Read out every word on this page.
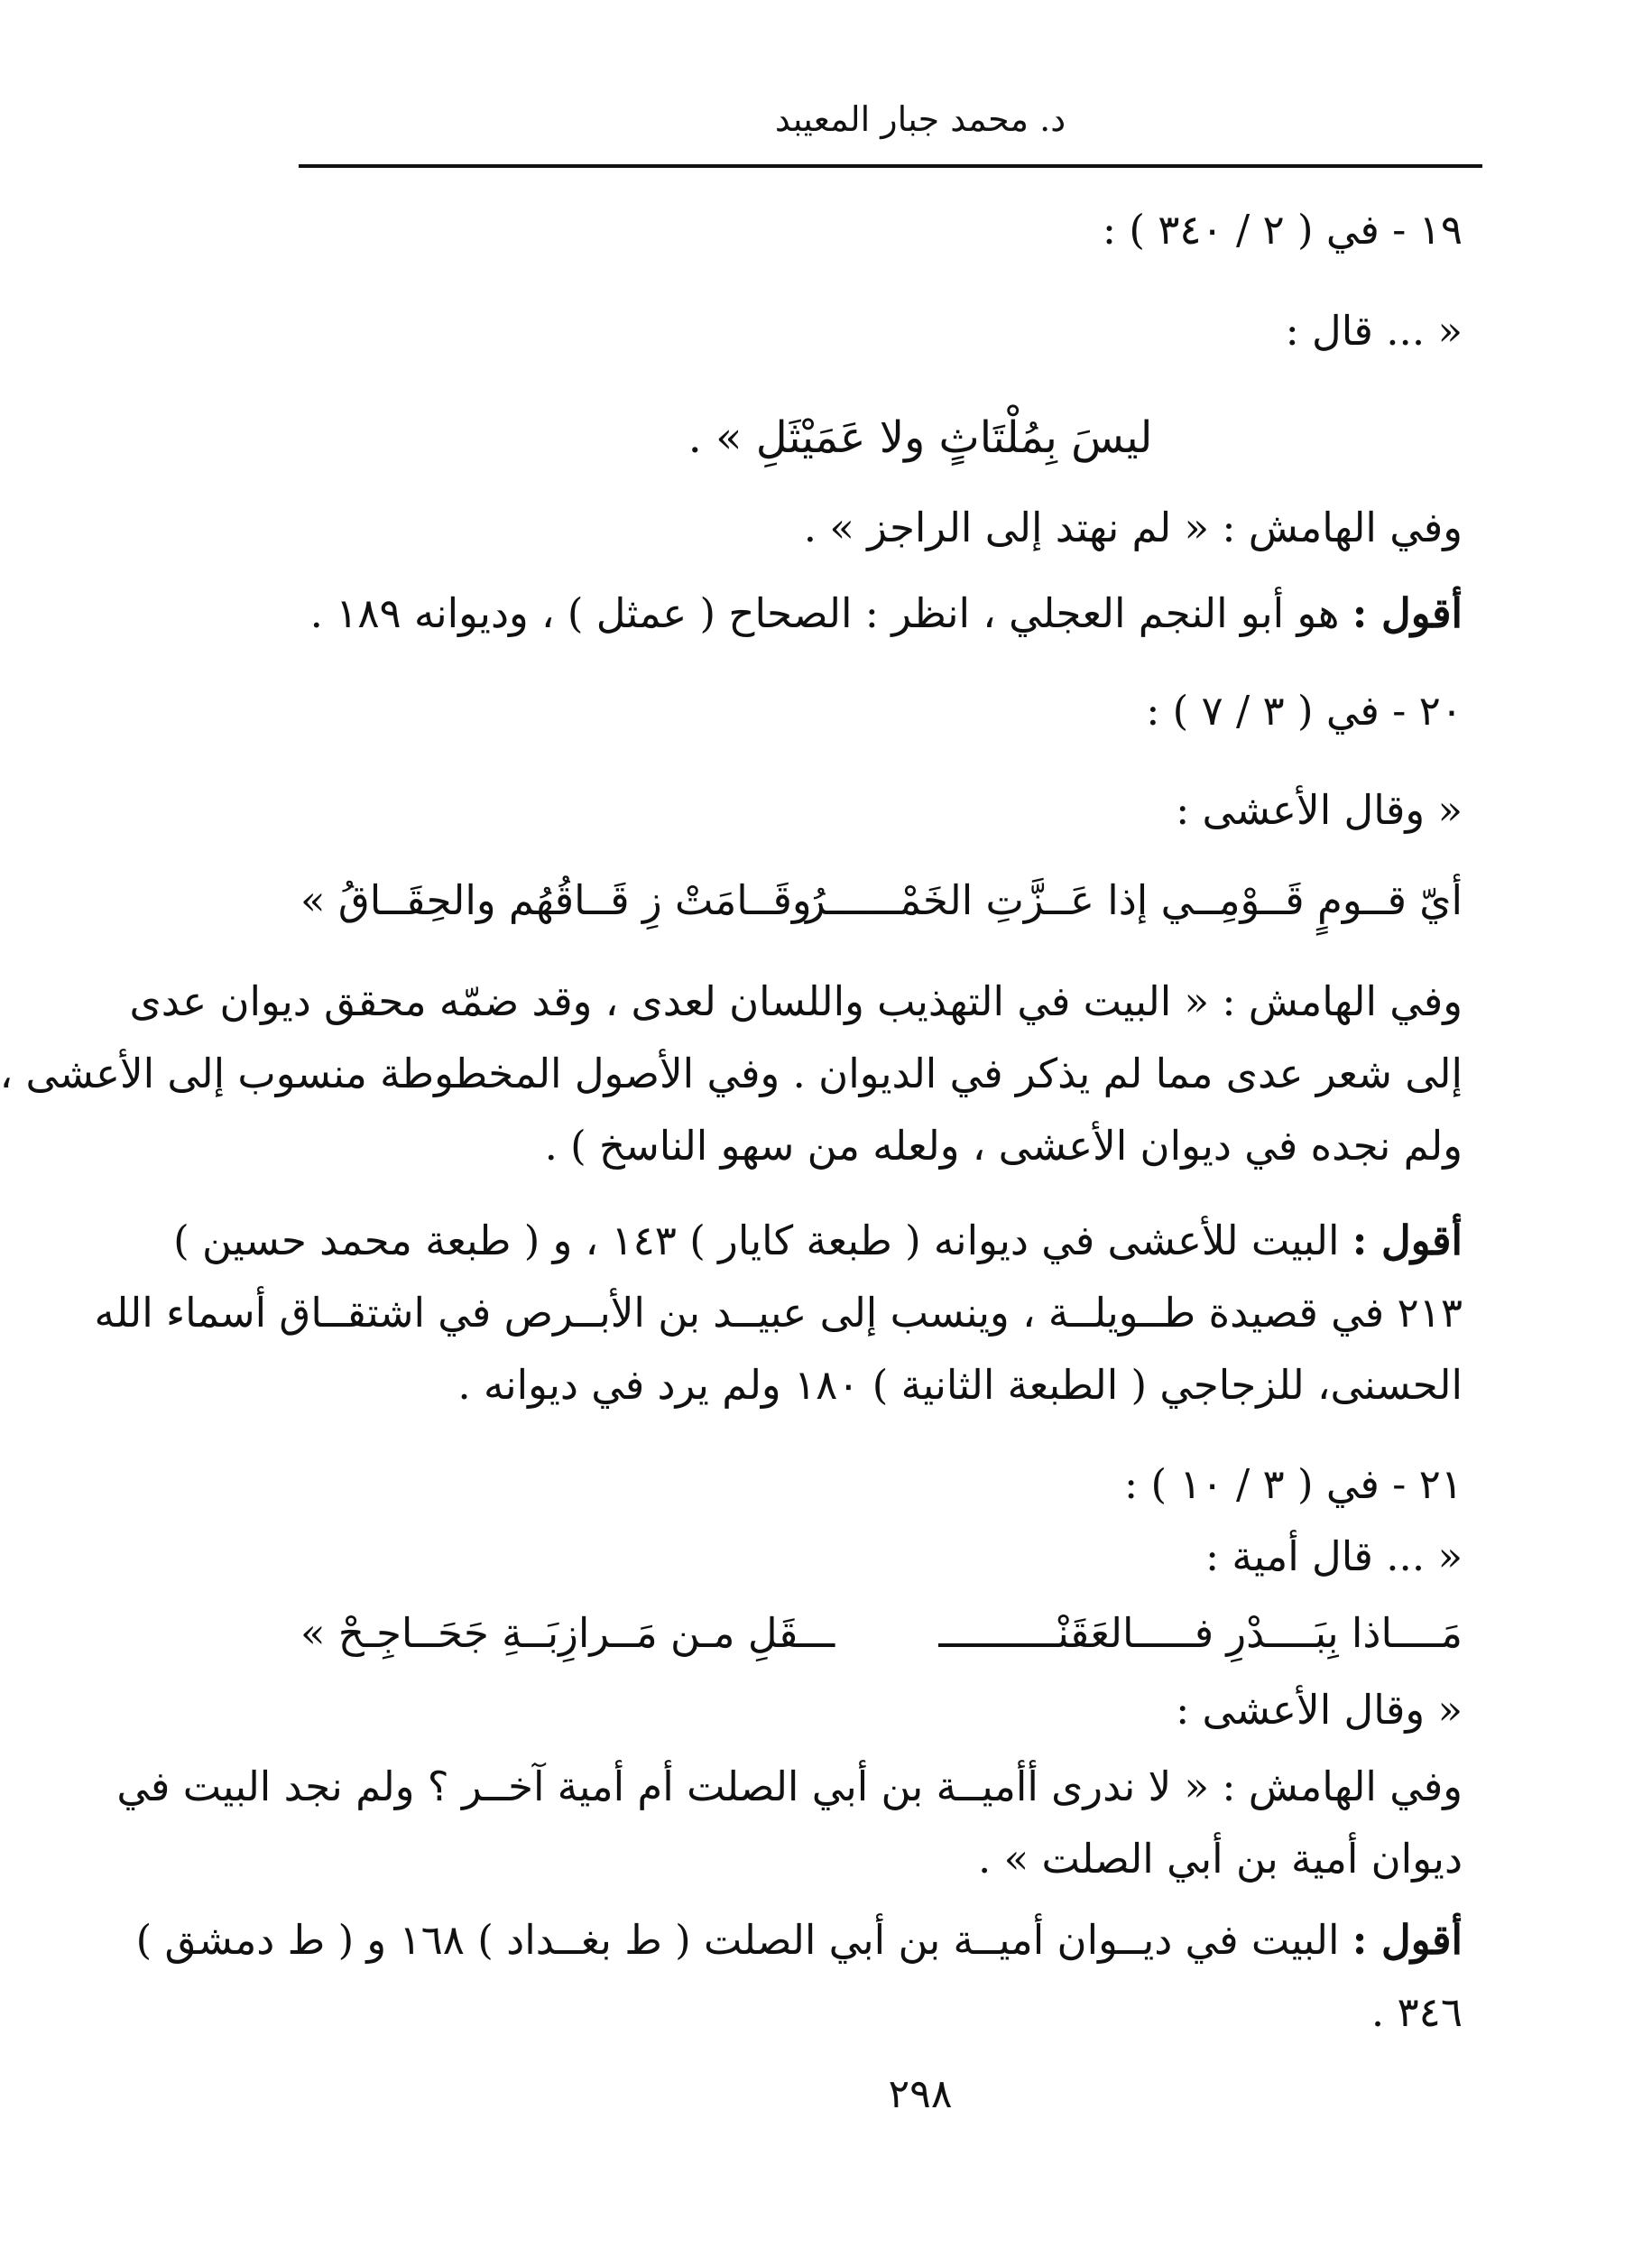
د. محمد جبار المعيبد
١٩ - في ( ٢ / ٣٤٠ ) :
« ... قال :
ليسَ بِمُلْتَاثٍ ولا عَمَيْثَلِ » .
وفي الهامش : « لم نهتد إلى الراجز » .
أقول : هو أبو النجم العجلي ، انظر : الصحاح ( عمثل ) ، وديوانه ١٨٩ .
٢٠ - في ( ٣ / ٧ ) :
« وقال الأعشى :
أيّ قــومٍ قَــوْمِــي إذا عَــزَّتِ الخَمْــــــرُ
وقَــامَتْ زِ قَــاقُهُم والحِقَــاقُ »
وفي الهامش : « البيت في التهذيب واللسان لعدى ، وقد ضمّه محقق ديوان عدى
إلى شعر عدى مما لم يذكر في الديوان . وفي الأصول المخطوطة منسوب إلى الأعشى ،
ولم نجده في ديوان الأعشى ، ولعله من سهو الناسخ ) .
أقول : البيت للأعشى في ديوانه ( طبعة كايار ) ١٤٣ ، و ( طبعة محمد حسين )
٢١٣ في قصيدة طــويلــة ، وينسب إلى عبيــد بن الأبــرص في اشتقــاق أسماء الله
الحسنى، للزجاجي ( الطبعة الثانية ) ١٨٠ ولم يرد في ديوانه .
٢١ - في ( ٣ / ١٠ ) :
« ... قال أمية :
مَــــاذا بِبَــــدْرِ فـــــالعَقَنْــــــــــ
ـــقَلِ مـن مَــرازِبَــةِ جَحَــاجِـحْ »
« وقال الأعشى :
وفي الهامش : « لا ندرى أأميــة بن أبي الصلت أم أمية آخــر ؟ ولم نجد البيت في
ديوان أمية بن أبي الصلت » .
أقول : البيت في ديــوان أميــة بن أبي الصلت ( ط بغــداد ) ١٦٨ و ( ط دمشق )
٣٤٦ .
٢٩٨
